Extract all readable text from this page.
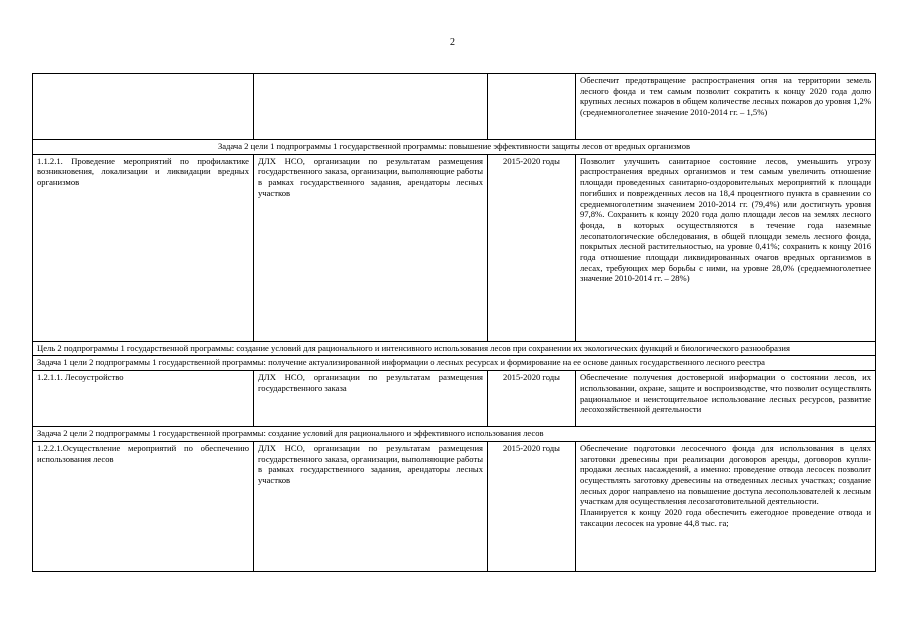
2
			Обеспечит предотвращение распространения огня на территории земель лесного фонда и тем самым позволит сократить к концу 2020 года долю крупных лесных пожаров в общем количестве лесных пожаров до уровня 1,2% (среднемноголетнее значение 2010-2014 гг. – 1,5%)
Задача 2 цели 1 подпрограммы 1 государственной программы: повышение эффективности защиты лесов от вредных организмов			
1.1.2.1. Проведение мероприятий по профилактике возникновения, локализации и ликвидации вредных организмов	ДЛХ НСО, организации по результатам размещения государственного заказа, организации, выполняющие работы в рамках государственного задания, арендаторы лесных участков	2015-2020 годы	Позволит улучшить санитарное состояние лесов, уменьшить угрозу распространения вредных организмов и тем самым увеличить отношение площади проведенных санитарно-оздоровительных мероприятий к площади погибших и поврежденных лесов на 18,4 процентного пункта в сравнении со среднемноголетним значением 2010-2014 гг. (79,4%) или достигнуть уровня 97,8%. Сохранить к концу 2020 года долю площади лесов на землях лесного фонда, в которых осуществляются в течение года наземные лесопатологические обследования, в общей площади земель лесного фонда, покрытых лесной растительностью, на уровне 0,41%; сохранить к концу 2016 года отношение площади ликвидированных очагов вредных организмов в лесах, требующих мер борьбы с ними, на уровне 28,0% (среднемноголетнее значение 2010-2014 гг. – 28%)
Цель 2 подпрограммы 1 государственной программы: создание условий для рационального и интенсивного использования лесов при сохранении их экологических функций и биологического разнообразия			
Задача 1 цели 2 подпрограммы 1 государственной программы: получение актуализированной информации о лесных ресурсах и формирование на ее основе данных государственного лесного реестра			
1.2.1.1. Лесоустройство	ДЛХ НСО, организации по результатам размещения государственного заказа	2015-2020 годы	Обеспечение получения достоверной информации о состоянии лесов, их использовании, охране, защите и воспроизводстве, что позволит осуществлять рациональное и неистощительное использование лесных ресурсов, развитие лесохозяйственной деятельности
Задача 2 цели 2 подпрограммы 1 государственной программы: создание условий для рационального и эффективного использования лесов			
1.2.2.1.Осуществление мероприятий по обеспечению использования лесов	ДЛХ НСО, организации по результатам размещения государственного заказа, организации, выполняющие работы в рамках государственного задания, арендаторы лесных участков	2015-2020 годы	Обеспечение подготовки лесосечного фонда для использования в целях заготовки древесины при реализации договоров аренды, договоров купли-продажи лесных насаждений, а именно: проведение отвода лесосек позволит осуществлять заготовку древесины на отведенных лесных участках; создание лесных дорог направлено на повышение доступа лесопользователей к лесным участкам для осуществления лесозаготовительной деятельности.
Планируется к концу 2020 года обеспечить ежегодное проведение отвода и таксации лесосек на уровне 44,8 тыс. га;
